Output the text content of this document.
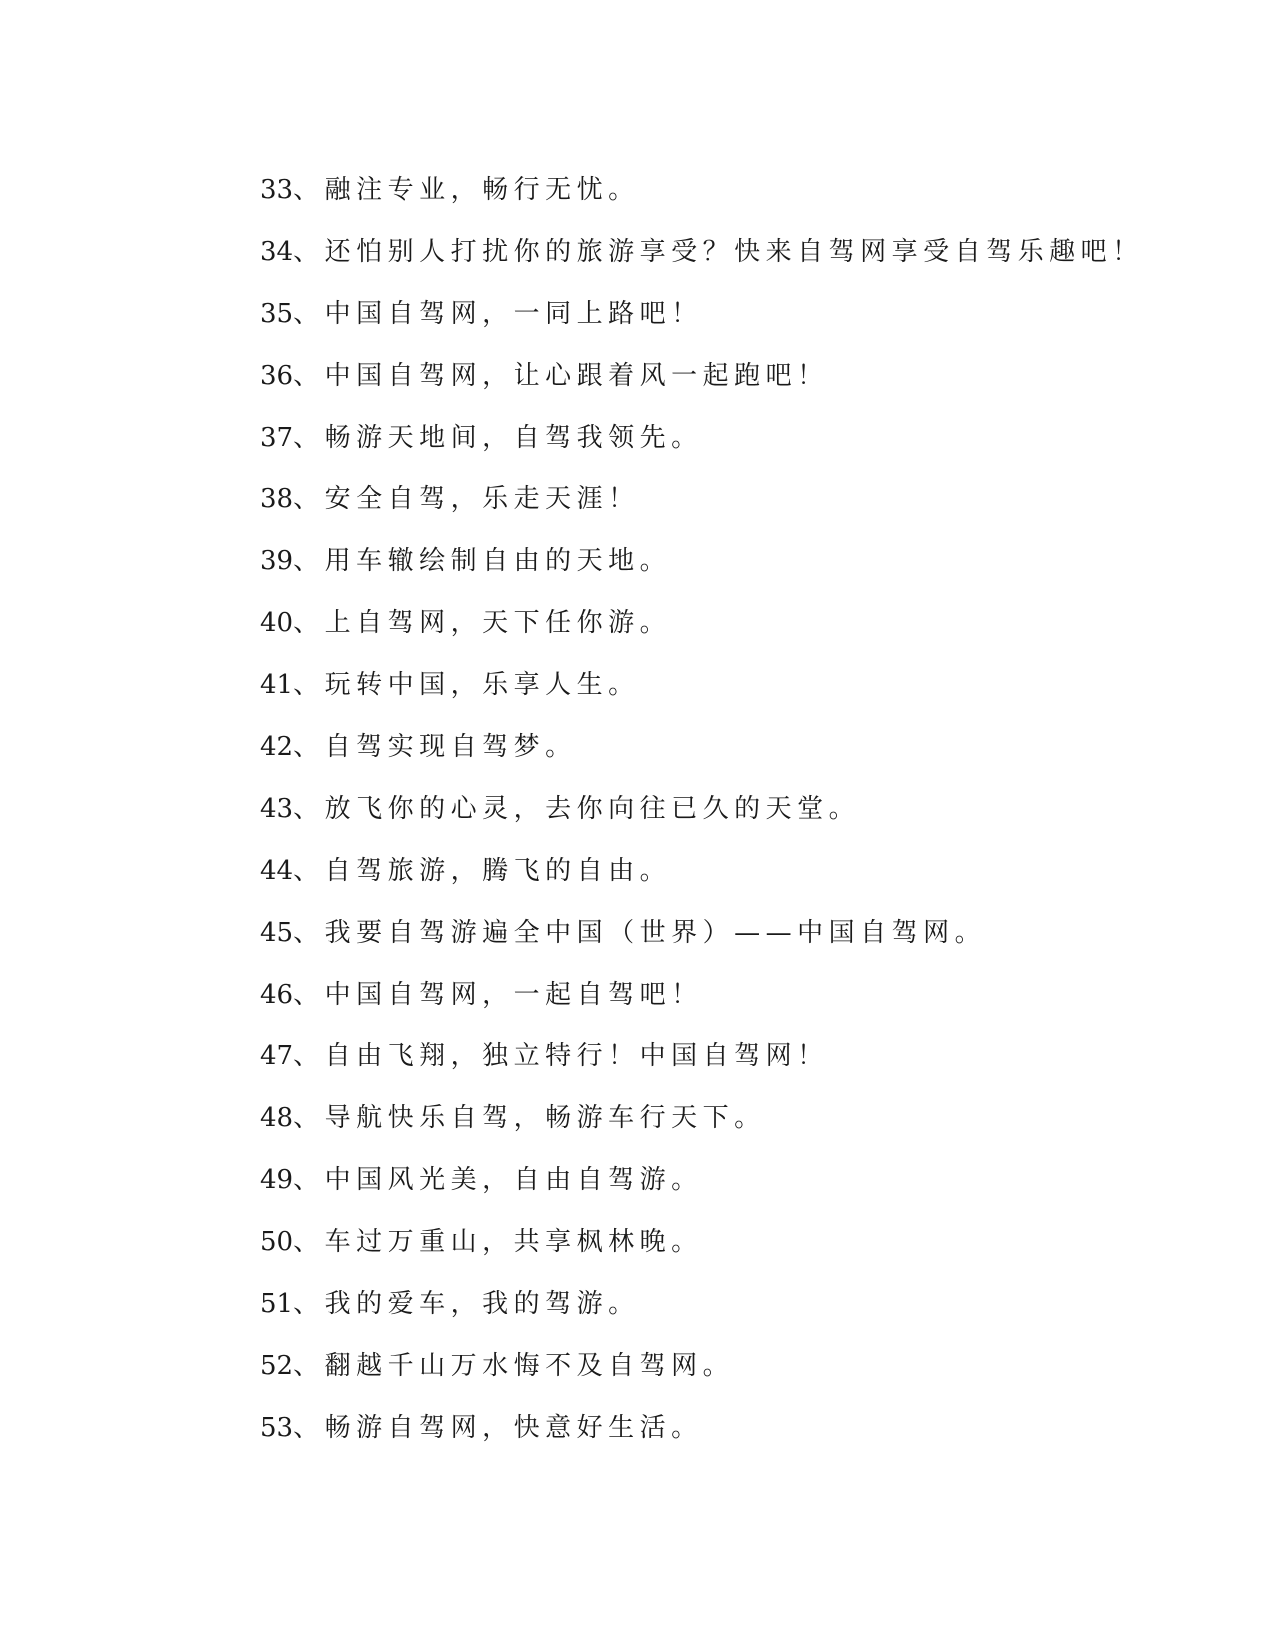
33、融注专业，畅行无忧。
34、还怕别人打扰你的旅游享受？快来自驾网享受自驾乐趣吧！
35、中国自驾网，一同上路吧！
36、中国自驾网，让心跟着风一起跑吧！
37、畅游天地间，自驾我领先。
38、安全自驾，乐走天涯！
39、用车辙绘制自由的天地。
40、上自驾网，天下任你游。
41、玩转中国，乐享人生。
42、自驾实现自驾梦。
43、放飞你的心灵，去你向往已久的天堂。
44、自驾旅游，腾飞的自由。
45、我要自驾游遍全中国（世界）——中国自驾网。
46、中国自驾网，一起自驾吧！
47、自由飞翔，独立特行！中国自驾网！
48、导航快乐自驾，畅游车行天下。
49、中国风光美，自由自驾游。
50、车过万重山，共享枫林晚。
51、我的爱车，我的驾游。
52、翻越千山万水悔不及自驾网。
53、畅游自驾网，快意好生活。
